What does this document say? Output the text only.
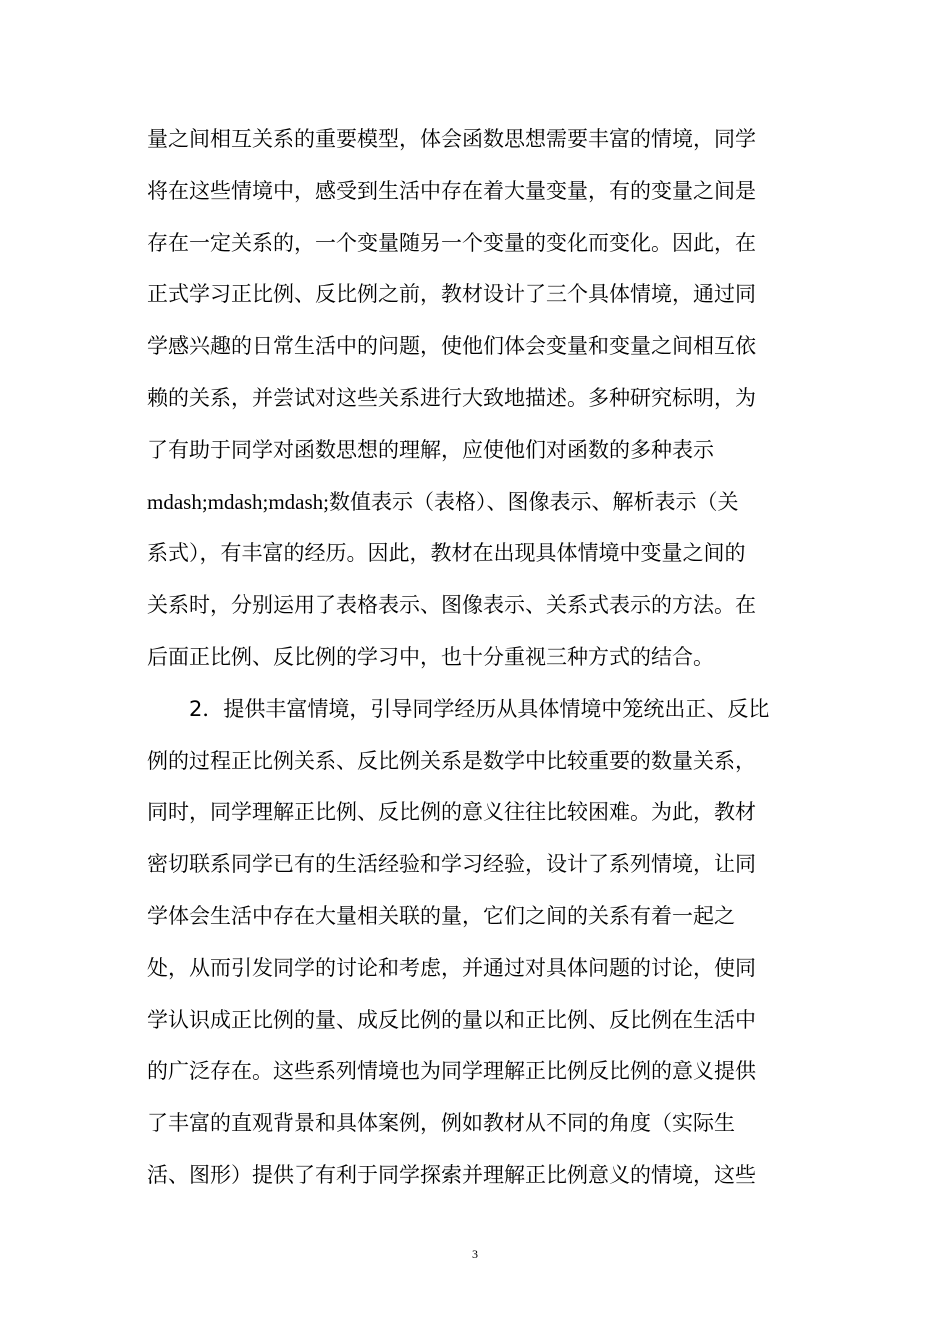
量之间相互关系的重要模型，体会函数思想需要丰富的情境，同学
将在这些情境中，感受到生活中存在着大量变量，有的变量之间是
存在一定关系的，一个变量随另一个变量的变化而变化。因此，在
正式学习正比例、反比例之前，教材设计了三个具体情境，通过同
学感兴趣的日常生活中的问题，使他们体会变量和变量之间相互依
赖的关系，并尝试对这些关系进行大致地描述。多种研究标明，为
了有助于同学对函数思想的理解，应使他们对函数的多种表示
mdash;mdash;mdash;数值表示（表格）、图像表示、解析表示（关
系式），有丰富的经历。因此，教材在出现具体情境中变量之间的
关系时，分别运用了表格表示、图像表示、关系式表示的方法。在
后面正比例、反比例的学习中，也十分重视三种方式的结合。
2．提供丰富情境，引导同学经历从具体情境中笼统出正、反比
例的过程正比例关系、反比例关系是数学中比较重要的数量关系，
同时，同学理解正比例、反比例的意义往往比较困难。为此，教材
密切联系同学已有的生活经验和学习经验，设计了系列情境，让同
学体会生活中存在大量相关联的量，它们之间的关系有着一起之
处，从而引发同学的讨论和考虑，并通过对具体问题的讨论，使同
学认识成正比例的量、成反比例的量以和正比例、反比例在生活中
的广泛存在。这些系列情境也为同学理解正比例反比例的意义提供
了丰富的直观背景和具体案例，例如教材从不同的角度（实际生
活、图形）提供了有利于同学探索并理解正比例意义的情境，这些
3
